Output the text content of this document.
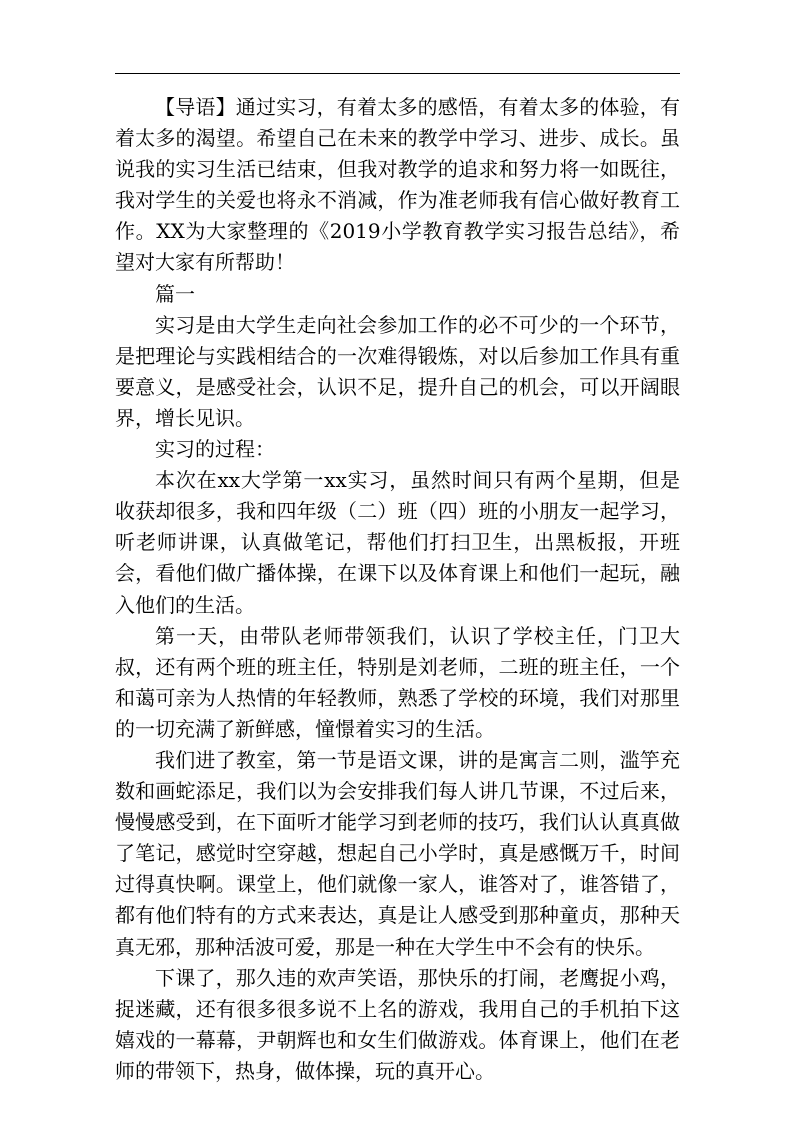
【导语】通过实习，有着太多的感悟，有着太多的体验，有着太多的渴望。希望自己在未来的教学中学习、进步、成长。虽说我的实习生活已结束，但我对教学的追求和努力将一如既往，我对学生的关爱也将永不消减，作为准老师我有信心做好教育工作。XX为大家整理的《2019小学教育教学实习报告总结》，希望对大家有所帮助！

篇一

实习是由大学生走向社会参加工作的必不可少的一个环节，是把理论与实践相结合的一次难得锻炼，对以后参加工作具有重要意义，是感受社会，认识不足，提升自己的机会，可以开阔眼界，增长见识。

实习的过程：

本次在xx大学第一xx实习，虽然时间只有两个星期，但是收获却很多，我和四年级（二）班（四）班的小朋友一起学习，听老师讲课，认真做笔记，帮他们打扫卫生，出黑板报，开班会，看他们做广播体操，在课下以及体育课上和他们一起玩，融入他们的生活。

第一天，由带队老师带领我们，认识了学校主任，门卫大叔，还有两个班的班主任，特别是刘老师，二班的班主任，一个和蔼可亲为人热情的年轻教师，熟悉了学校的环境，我们对那里的一切充满了新鲜感，憧憬着实习的生活。

我们进了教室，第一节是语文课，讲的是寓言二则，滥竽充数和画蛇添足，我们以为会安排我们每人讲几节课，不过后来，慢慢感受到，在下面听才能学习到老师的技巧，我们认认真真做了笔记，感觉时空穿越，想起自己小学时，真是感慨万千，时间过得真快啊。课堂上，他们就像一家人，谁答对了，谁答错了，都有他们特有的方式来表达，真是让人感受到那种童贞，那种天真无邪，那种活波可爱，那是一种在大学生中不会有的快乐。

下课了，那久违的欢声笑语，那快乐的打闹，老鹰捉小鸡，捉迷藏，还有很多很多说不上名的游戏，我用自己的手机拍下这嬉戏的一幕幕，尹朝辉也和女生们做游戏。体育课上，他们在老师的带领下，热身，做体操，玩的真开心。
